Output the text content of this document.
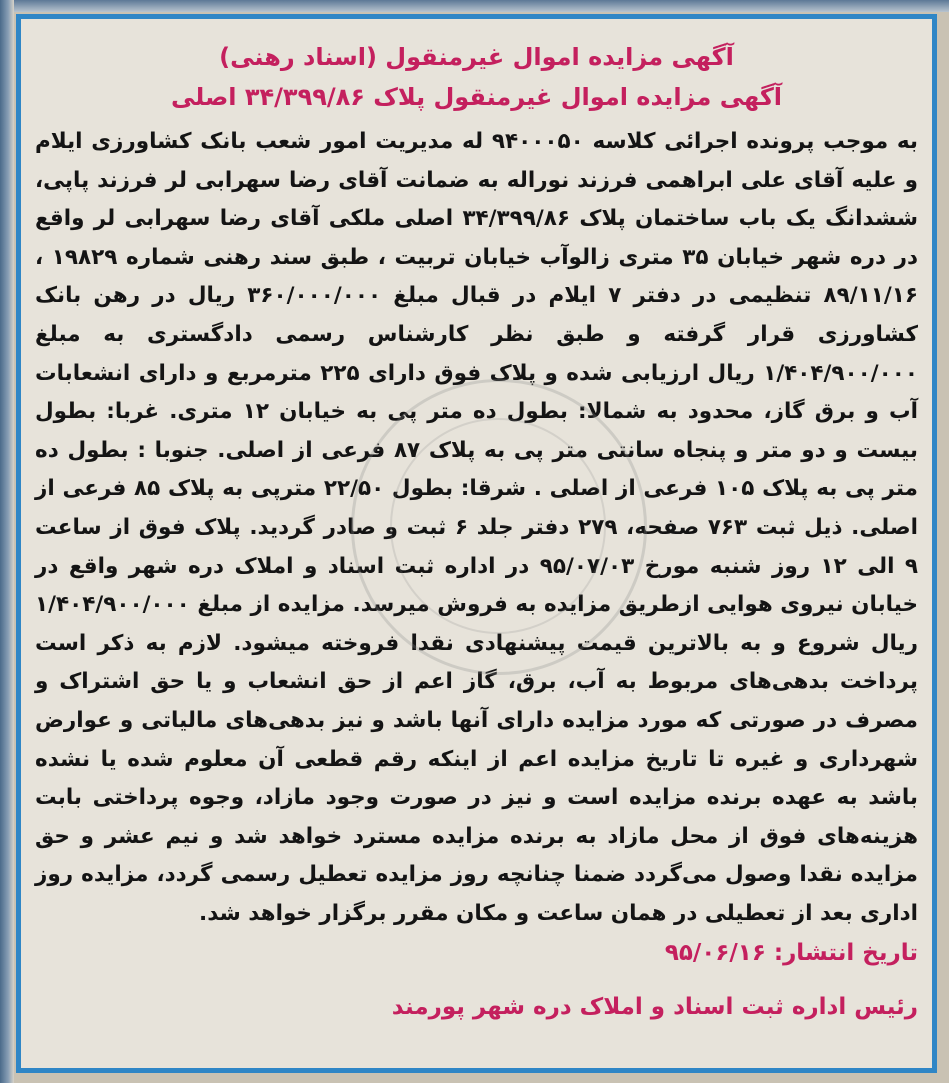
آگهی مزایده اموال غیرمنقول (اسناد رهنی)
آگهی مزایده اموال غیرمنقول پلاک ۳۴/۳۹۹/۸۶ اصلی

به موجب پرونده اجرائی کلاسه ۹۴۰۰۰۵۰ له مدیریت امور شعب بانک کشاورزی ایلام و علیه آقای علی ابراهمی فرزند نوراله به ضمانت آقای رضا سهرابی لر فرزند پاپی، ششدانگ یک باب ساختمان پلاک ۳۴/۳۹۹/۸۶ اصلی ملکی آقای رضا سهرابی لر واقع در دره شهر خیابان ۳۵ متری زالوآب خیابان تربیت ، طبق سند رهنی شماره ۱۹۸۲۹ ، ۸۹/۱۱/۱۶ تنظیمی در دفتر ۷ ایلام در قبال مبلغ ۳۶۰/۰۰۰/۰۰۰ ریال در رهن بانک کشاورزی قرار گرفته و طبق نظر کارشناس رسمی دادگستری به مبلغ ۱/۴۰۴/۹۰۰/۰۰۰ ریال ارزیابی شده و پلاک فوق دارای ۲۲۵ مترمربع و دارای انشعابات آب و برق گاز، محدود به شمالا: بطول ده متر پی به خیابان ۱۲ متری. غربا: بطول بیست و دو متر و پنجاه سانتی متر پی به پلاک ۸۷ فرعی از اصلی. جنوبا : بطول ده متر پی به پلاک ۱۰۵ فرعی از اصلی . شرقا: بطول ۲۲/۵۰ مترپی به پلاک ۸۵ فرعی از اصلی. ذیل ثبت ۷۶۳ صفحه، ۲۷۹ دفتر جلد ۶ ثبت و صادر گردید. پلاک فوق از ساعت ۹ الی ۱۲ روز شنبه مورخ ۹۵/۰۷/۰۳ در اداره ثبت اسناد و املاک دره شهر واقع در خیابان نیروی هوایی ازطریق مزایده به فروش میرسد. مزایده از مبلغ ۱/۴۰۴/۹۰۰/۰۰۰ ریال شروع و به بالاترین قیمت پیشنهادی نقدا فروخته میشود. لازم به ذکر است پرداخت بدهی‌های مربوط به آب، برق، گاز اعم از حق انشعاب و یا حق اشتراک و مصرف در صورتی که مورد مزایده دارای آنها باشد و نیز بدهی‌های مالیاتی و عوارض شهرداری و غیره تا تاریخ مزایده اعم از اینکه رقم قطعی آن معلوم شده یا نشده باشد به عهده برنده مزایده است و نیز در صورت وجود مازاد، وجوه پرداختی بابت هزینه‌های فوق از محل مازاد به برنده مزایده مسترد خواهد شد و نیم عشر و حق مزایده نقدا وصول می‌گردد ضمنا چنانچه روز مزایده تعطیل رسمی گردد، مزایده روز اداری بعد از تعطیلی در همان ساعت و مکان مقرر برگزار خواهد شد.

تاریخ انتشار: ۹۵/۰۶/۱۶

رئیس اداره ثبت اسناد و املاک دره شهر پورمند
